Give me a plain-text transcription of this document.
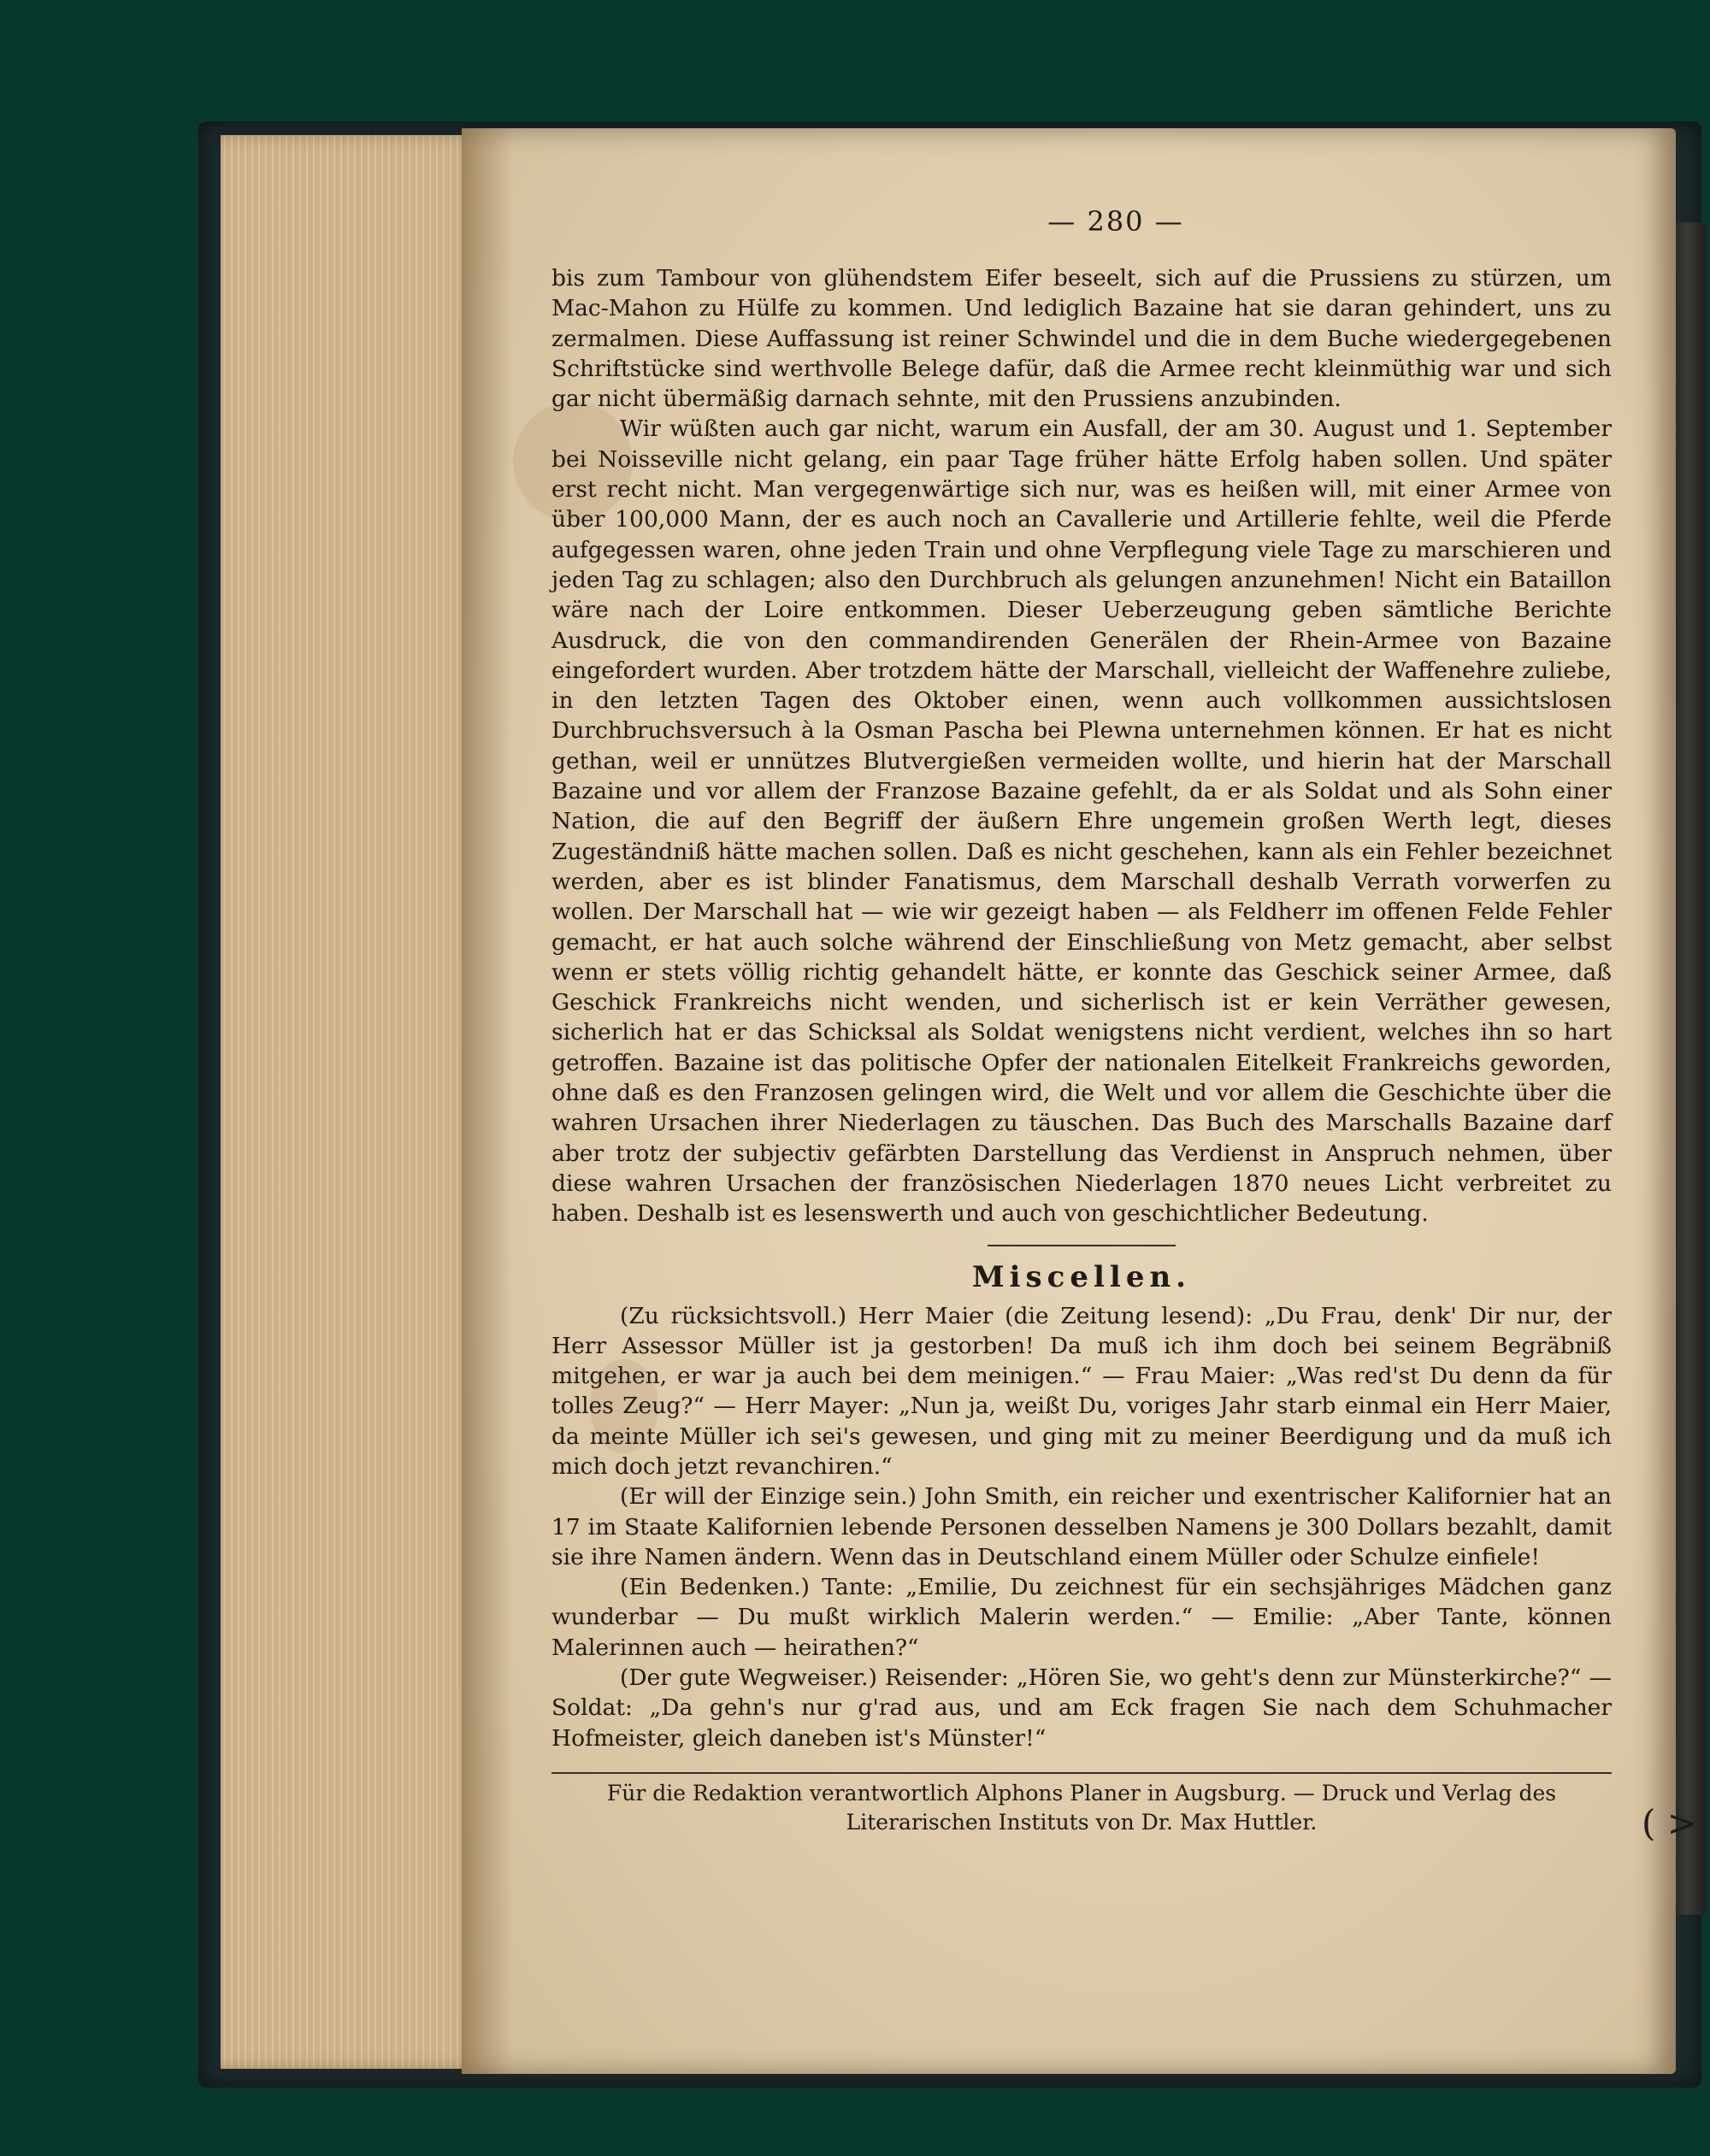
— 280 —

bis zum Tambour von glühendstem Eifer beseelt, sich auf die Prussiens zu stürzen, um Mac-Mahon zu Hülfe zu kommen. Und lediglich Bazaine hat sie daran gehindert, uns zu zermalmen. Diese Auffassung ist reiner Schwindel und die in dem Buche wiedergegebenen Schriftstücke sind werthvolle Belege dafür, daß die Armee recht kleinmüthig war und sich gar nicht übermäßig darnach sehnte, mit den Prussiens anzubinden.

Wir wüßten auch gar nicht, warum ein Ausfall, der am 30. August und 1. September bei Noisseville nicht gelang, ein paar Tage früher hätte Erfolg haben sollen. Und später erst recht nicht. Man vergegenwärtige sich nur, was es heißen will, mit einer Armee von über 100,000 Mann, der es auch noch an Cavallerie und Artillerie fehlte, weil die Pferde aufgegessen waren, ohne jeden Train und ohne Verpflegung viele Tage zu marschieren und jeden Tag zu schlagen; also den Durchbruch als gelungen anzunehmen! Nicht ein Bataillon wäre nach der Loire entkommen. Dieser Ueberzeugung geben sämtliche Berichte Ausdruck, die von den commandirenden Generälen der Rhein-Armee von Bazaine eingefordert wurden. Aber trotzdem hätte der Marschall, vielleicht der Waffenehre zuliebe, in den letzten Tagen des Oktober einen, wenn auch vollkommen aussichtslosen Durchbruchsversuch à la Osman Pascha bei Plewna unternehmen können. Er hat es nicht gethan, weil er unnützes Blutvergießen vermeiden wollte, und hierin hat der Marschall Bazaine und vor allem der Franzose Bazaine gefehlt, da er als Soldat und als Sohn einer Nation, die auf den Begriff der äußern Ehre ungemein großen Werth legt, dieses Zugeständniß hätte machen sollen. Daß es nicht geschehen, kann als ein Fehler bezeichnet werden, aber es ist blinder Fanatismus, dem Marschall deshalb Verrath vorwerfen zu wollen. Der Marschall hat — wie wir gezeigt haben — als Feldherr im offenen Felde Fehler gemacht, er hat auch solche während der Einschließung von Metz gemacht, aber selbst wenn er stets völlig richtig gehandelt hätte, er konnte das Geschick seiner Armee, daß Geschick Frankreichs nicht wenden, und sicherlisch ist er kein Verräther gewesen, sicherlich hat er das Schicksal als Soldat wenigstens nicht verdient, welches ihn so hart getroffen. Bazaine ist das politische Opfer der nationalen Eitelkeit Frankreichs geworden, ohne daß es den Franzosen gelingen wird, die Welt und vor allem die Geschichte über die wahren Ursachen ihrer Niederlagen zu täuschen. Das Buch des Marschalls Bazaine darf aber trotz der subjectiv gefärbten Darstellung das Verdienst in Anspruch nehmen, über diese wahren Ursachen der französischen Niederlagen 1870 neues Licht verbreitet zu haben. Deshalb ist es lesenswerth und auch von geschichtlicher Bedeutung.

Miscellen.

(Zu rücksichtsvoll.) Herr Maier (die Zeitung lesend): „Du Frau, denk' Dir nur, der Herr Assessor Müller ist ja gestorben! Da muß ich ihm doch bei seinem Begräbniß mitgehen, er war ja auch bei dem meinigen.“ — Frau Maier: „Was red'st Du denn da für tolles Zeug?“ — Herr Mayer: „Nun ja, weißt Du, voriges Jahr starb einmal ein Herr Maier, da meinte Müller ich sei's gewesen, und ging mit zu meiner Beerdigung und da muß ich mich doch jetzt revanchiren.“

(Er will der Einzige sein.) John Smith, ein reicher und exentrischer Kalifornier hat an 17 im Staate Kalifornien lebende Personen desselben Namens je 300 Dollars bezahlt, damit sie ihre Namen ändern. Wenn das in Deutschland einem Müller oder Schulze einfiele!

(Ein Bedenken.) Tante: „Emilie, Du zeichnest für ein sechsjähriges Mädchen ganz wunderbar — Du mußt wirklich Malerin werden.“ — Emilie: „Aber Tante, können Malerinnen auch — heirathen?“

(Der gute Wegweiser.) Reisender: „Hören Sie, wo geht's denn zur Münsterkirche?“ — Soldat: „Da gehn's nur g'rad aus, und am Eck fragen Sie nach dem Schuhmacher Hofmeister, gleich daneben ist's Münster!“

Für die Redaktion verantwortlich Alphons Planer in Augsburg. — Druck und Verlag des Literarischen Instituts von Dr. Max Huttler.	( >
